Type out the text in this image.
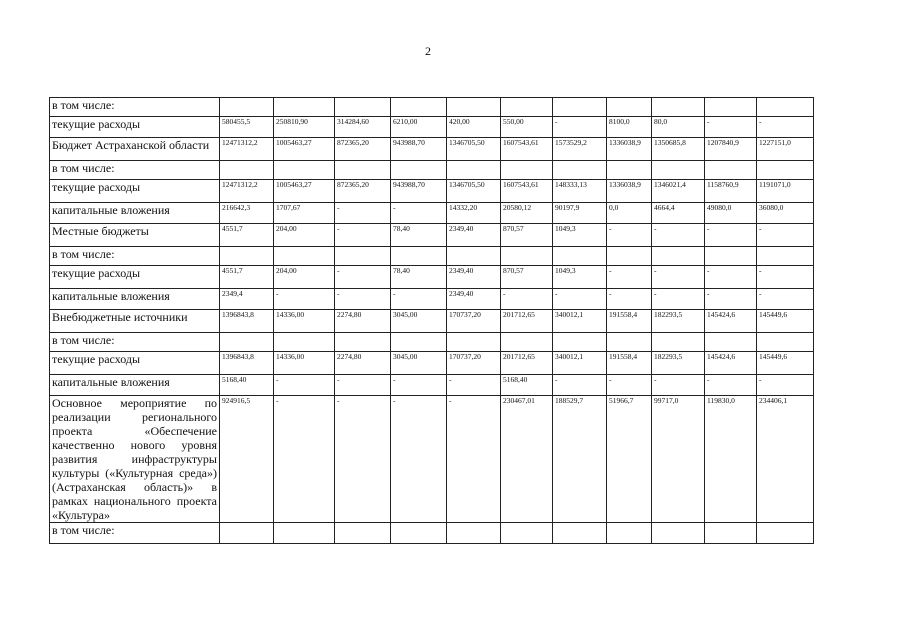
2
в том числе:											
текущие расходы	580455,5	250810,90	314284,60	6210,00	420,00	550,00	-	8100,0	80,0	-	-
Бюджет Астраханской области	12471312,2	1005463,27	872365,20	943988,70	1346705,50	1607543,61	1573529,2	1336038,9	1350685,8	1207840,9	1227151,0
в том числе:											
текущие расходы	12471312,2	1005463,27	872365,20	943988,70	1346705,50	1607543,61	148333,13	1336038,9	1346021,4	1158760,9	1191071,0
капитальные вложения	216642,3	1707,67	-	-	14332,20	20580,12	90197,9	0,0	4664,4	49080,0	36080,0
Местные бюджеты	4551,7	204,00	-	78,40	2349,40	870,57	1049,3	-	-	-	-
в том числе:											
текущие расходы	4551,7	204,00	-	78,40	2349,40	870,57	1049,3	-	-	-	-
капитальные вложения	2349,4	-	-	-	2349,40	-	-	-	-	-	-
Внебюджетные источники	1396843,8	14336,00	2274,80	3045,00	170737,20	201712,65	340012,1	191558,4	182293,5	145424,6	145449,6
в том числе:											
текущие расходы	1396843,8	14336,00	2274,80	3045,00	170737,20	201712,65	340012,1	191558,4	182293,5	145424,6	145449,6
капитальные вложения	5168,40	-	-	-	-	5168,40	-	-	-	-	-
Основное мероприятие по реализации регионального проекта «Обеспечение качественно нового уровня развития инфраструктуры культуры («Культурная среда») (Астраханская область)» в рамках национального проекта «Культура»	924916,5	-	-	-	-	230467,01	188529,7	51966,7	99717,0	119830,0	234406,1
в том числе:											
